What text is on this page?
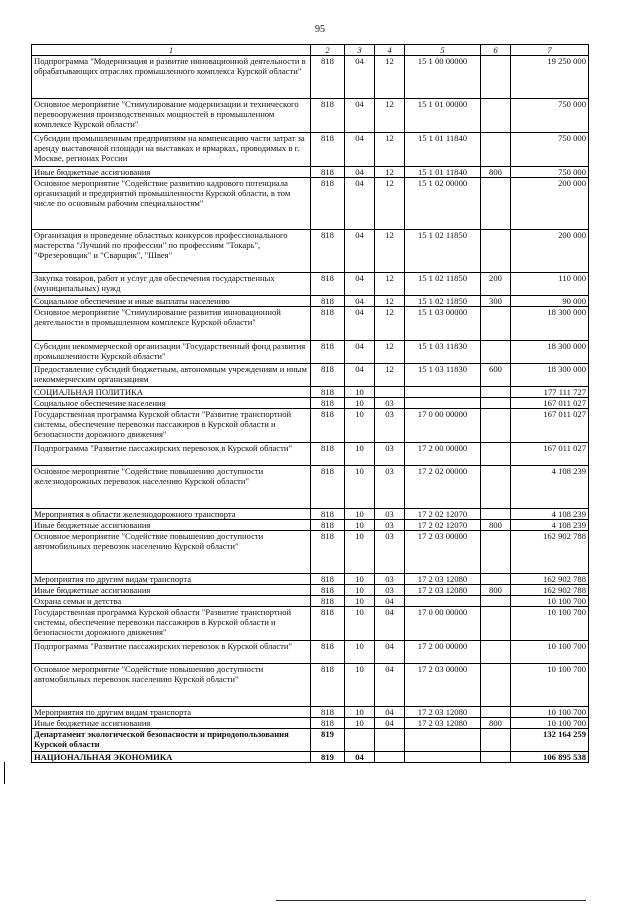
95
1	2	3	4	5	6	7
Подпрограмма "Модернизация и развитие инновационной деятельности в обрабатывающих отраслях промышленного комплекса Курской области"	818	04	12	15 1 00 00000		19 250 000
Основное мероприятие "Стимулирование модернизации и технического перевооружения производственных мощностей в промышленном комплексе Курской области"	818	04	12	15 1 01 00000		750 000
Субсидии промышленным предприятиям на компенсацию части затрат за аренду выставочной площади на выставках и ярмарках, проводимых в г. Москве, регионах России	818	04	12	15 1 01 11840		750 000
Иные бюджетные ассигнования	818	04	12	15 1 01 11840	800	750 000
Основное мероприятие "Содействие развитию кадрового потенциала организаций и предприятий промышленности Курской области, в том числе по основным рабочим специальностям"	818	04	12	15 1 02 00000		200 000
Организация и проведение областных конкурсов профессионального мастерства "Лучший по профессии" по профессиям "Токарь", "Фрезеровщик" и "Сварщик", "Швея"	818	04	12	15 1 02 11850		200 000
Закупка товаров, работ и услуг для обеспечения государственных (муниципальных) нужд	818	04	12	15 1 02 11850	200	110 000
Социальное обеспечение и иные выплаты населению	818	04	12	15 1 02 11850	300	90 000
Основное мероприятие "Стимулирование развития инновационной деятельности в промышленном комплексе Курской области"	818	04	12	15 1 03 00000		18 300 000
Субсидии некоммерческой организации "Государственный фонд развития промышленности Курской области"	818	04	12	15 1 03 11830		18 300 000
Предоставление субсидий бюджетным, автономным учреждениям и иным некоммерческим организациям	818	04	12	15 1 03 11830	600	18 300 000
СОЦИАЛЬНАЯ ПОЛИТИКА	818	10				177 111 727
Социальное обеспечение населения	818	10	03			167 011 027
Государственная программа Курской области "Развитие транспортной системы, обеспечение перевозки пассажиров в Курской области и безопасности дорожного движения"	818	10	03	17 0 00 00000		167 011 027
Подпрограмма "Развитие пассажирских перевозок в Курской области"	818	10	03	17 2 00 00000		167 011 027
Основное мероприятие "Содействие повышению доступности железнодорожных перевозок населению Курской области"	818	10	03	17 2 02 00000		4 108 239
Мероприятия в области железнодорожного транспорта	818	10	03	17 2 02 12070		4 108 239
Иные бюджетные ассигнования	818	10	03	17 2 02 12070	800	4 108 239
Основное мероприятие "Содействие повышению доступности автомобильных перевозок населению Курской области"	818	10	03	17 2 03 00000		162 902 788
Мероприятия по другим видам транспорта	818	10	03	17 2 03 12080		162 902 788
Иные бюджетные ассигнования	818	10	03	17 2 03 12080	800	162 902 788
Охрана семьи и детства	818	10	04			10 100 700
Государственная программа Курской области "Развитие транспортной системы, обеспечение перевозки пассажиров в Курской области и безопасности дорожного движения"	818	10	04	17 0 00 00000		10 100 700
Подпрограмма "Развитие пассажирских перевозок в Курской области"	818	10	04	17 2 00 00000		10 100 700
Основное мероприятие "Содействие повышению доступности автомобильных перевозок населению Курской области"	818	10	04	17 2 03 00000		10 100 700
Мероприятия по другим видам транспорта	818	10	04	17 2 03 12080		10 100 700
Иные бюджетные ассигнования	818	10	04	17 2 03 12080	800	10 100 700
Департамент экологической безопасности и природопользования Курской области	819					132 164 259
НАЦИОНАЛЬНАЯ ЭКОНОМИКА	819	04				106 895 538
